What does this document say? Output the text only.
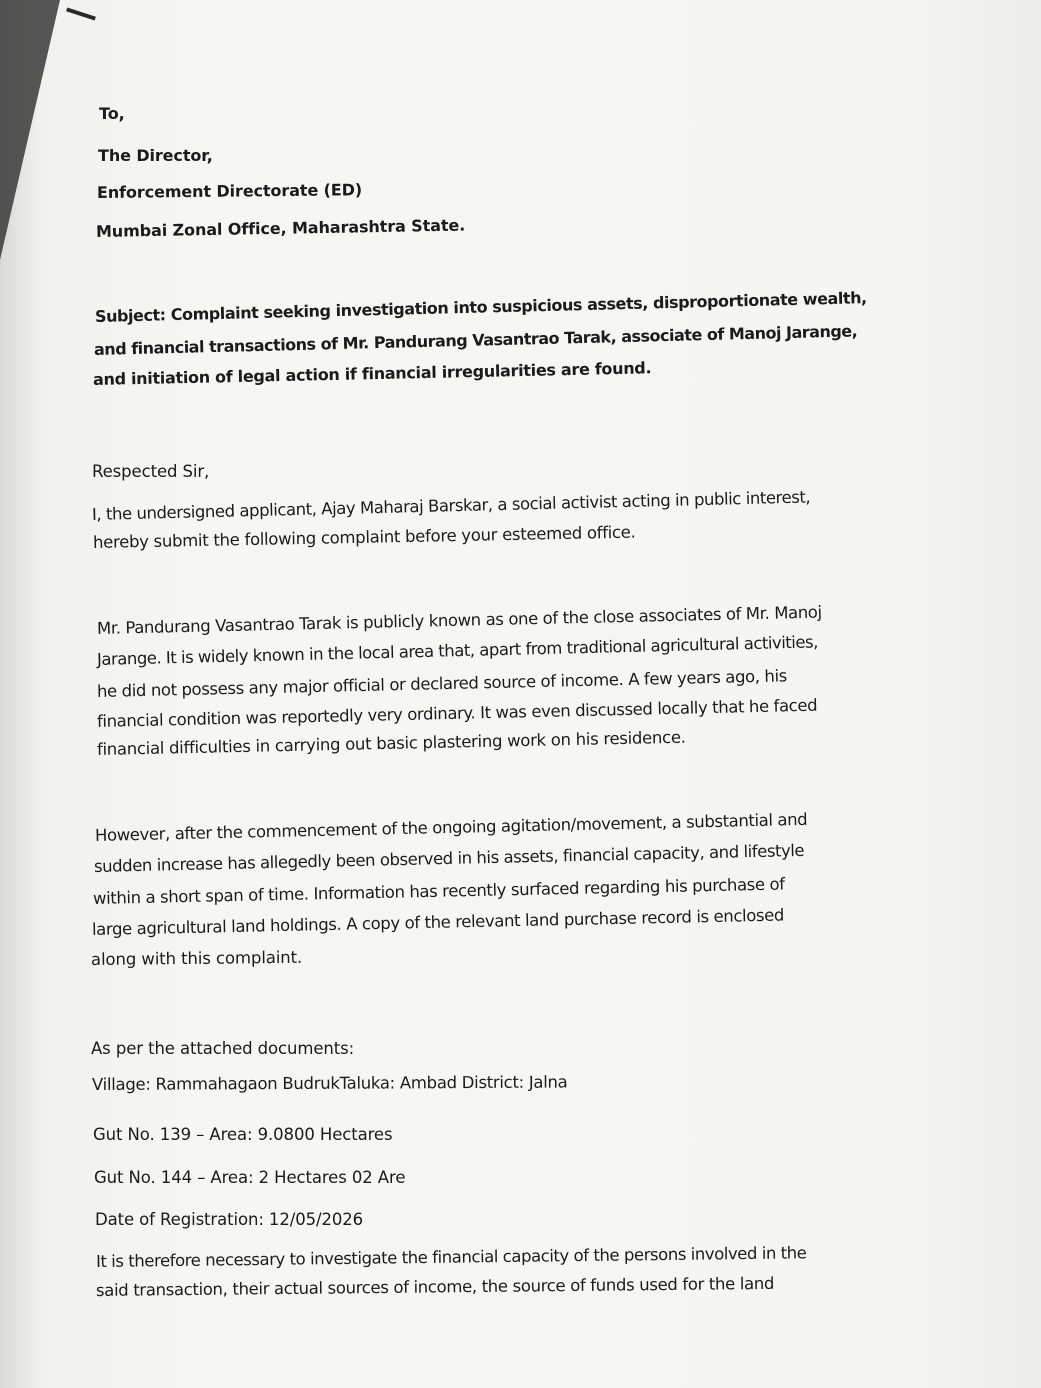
To,
The Director,
Enforcement Directorate (ED)
Mumbai Zonal Office, Maharashtra State.
Subject: Complaint seeking investigation into suspicious assets, disproportionate wealth,
and financial transactions of Mr. Pandurang Vasantrao Tarak, associate of Manoj Jarange,
and initiation of legal action if financial irregularities are found.
Respected Sir,
I, the undersigned applicant, Ajay Maharaj Barskar, a social activist acting in public interest,
hereby submit the following complaint before your esteemed office.
Mr. Pandurang Vasantrao Tarak is publicly known as one of the close associates of Mr. Manoj
Jarange. It is widely known in the local area that, apart from traditional agricultural activities,
he did not possess any major official or declared source of income. A few years ago, his
financial condition was reportedly very ordinary. It was even discussed locally that he faced
financial difficulties in carrying out basic plastering work on his residence.
However, after the commencement of the ongoing agitation/movement, a substantial and
sudden increase has allegedly been observed in his assets, financial capacity, and lifestyle
within a short span of time. Information has recently surfaced regarding his purchase of
large agricultural land holdings. A copy of the relevant land purchase record is enclosed
along with this complaint.
As per the attached documents:
Village: Rammahagaon BudrukTaluka: Ambad District: Jalna
Gut No. 139 – Area: 9.0800 Hectares
Gut No. 144 – Area: 2 Hectares 02 Are
Date of Registration: 12/05/2026
It is therefore necessary to investigate the financial capacity of the persons involved in the
said transaction, their actual sources of income, the source of funds used for the land
